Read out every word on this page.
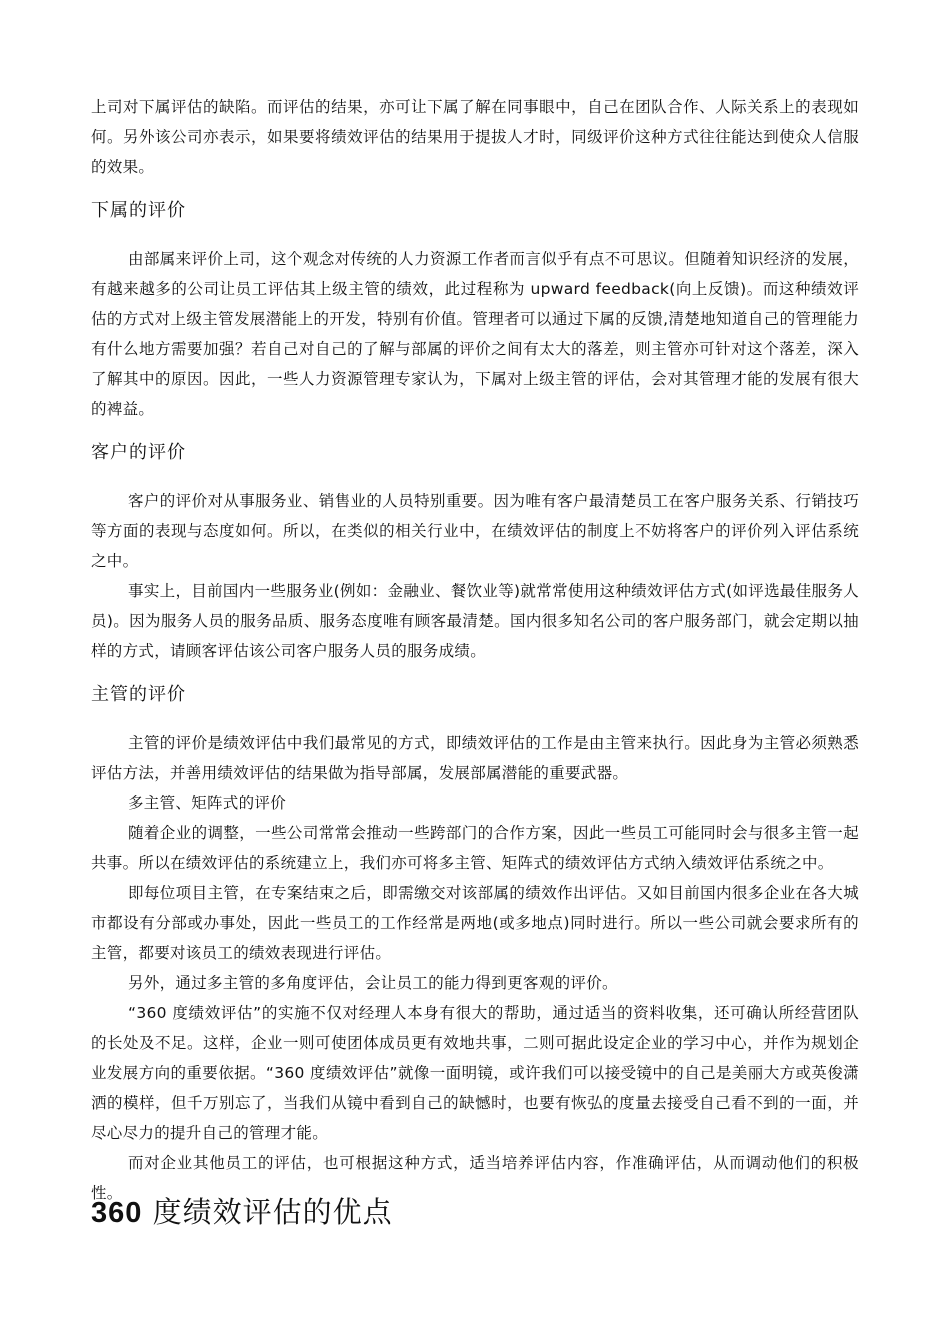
上司对下属评估的缺陷。而评估的结果，亦可让下属了解在同事眼中，自己在团队合作、人际关系上的表现如何。另外该公司亦表示，如果要将绩效评估的结果用于提拔人才时，同级评价这种方式往往能达到使众人信服的效果。

下属的评价

由部属来评价上司，这个观念对传统的人力资源工作者而言似乎有点不可思议。但随着知识经济的发展，有越来越多的公司让员工评估其上级主管的绩效，此过程称为 upward feedback(向上反馈)。而这种绩效评估的方式对上级主管发展潜能上的开发，特别有价值。管理者可以通过下属的反馈,清楚地知道自己的管理能力有什么地方需要加强？若自己对自己的了解与部属的评价之间有太大的落差，则主管亦可针对这个落差，深入了解其中的原因。因此，一些人力资源管理专家认为，下属对上级主管的评估，会对其管理才能的发展有很大的裨益。

客户的评价

客户的评价对从事服务业、销售业的人员特别重要。因为唯有客户最清楚员工在客户服务关系、行销技巧等方面的表现与态度如何。所以，在类似的相关行业中，在绩效评估的制度上不妨将客户的评价列入评估系统之中。

事实上，目前国内一些服务业(例如：金融业、餐饮业等)就常常使用这种绩效评估方式(如评选最佳服务人员)。因为服务人员的服务品质、服务态度唯有顾客最清楚。国内很多知名公司的客户服务部门，就会定期以抽样的方式，请顾客评估该公司客户服务人员的服务成绩。

主管的评价

主管的评价是绩效评估中我们最常见的方式，即绩效评估的工作是由主管来执行。因此身为主管必须熟悉评估方法，并善用绩效评估的结果做为指导部属，发展部属潜能的重要武器。

多主管、矩阵式的评价

随着企业的调整，一些公司常常会推动一些跨部门的合作方案，因此一些员工可能同时会与很多主管一起共事。所以在绩效评估的系统建立上，我们亦可将多主管、矩阵式的绩效评估方式纳入绩效评估系统之中。

即每位项目主管，在专案结束之后，即需缴交对该部属的绩效作出评估。又如目前国内很多企业在各大城市都设有分部或办事处，因此一些员工的工作经常是两地(或多地点)同时进行。所以一些公司就会要求所有的主管，都要对该员工的绩效表现进行评估。

另外，通过多主管的多角度评估，会让员工的能力得到更客观的评价。

“360 度绩效评估”的实施不仅对经理人本身有很大的帮助，通过适当的资料收集，还可确认所经营团队的长处及不足。这样，企业一则可使团体成员更有效地共事，二则可据此设定企业的学习中心，并作为规划企业发展方向的重要依据。“360 度绩效评估”就像一面明镜，或许我们可以接受镜中的自己是美丽大方或英俊潇洒的模样，但千万别忘了，当我们从镜中看到自己的缺憾时，也要有恢弘的度量去接受自己看不到的一面，并尽心尽力的提升自己的管理才能。

而对企业其他员工的评估，也可根据这种方式，适当培养评估内容，作准确评估，从而调动他们的积极性。

360 度绩效评估的优点
